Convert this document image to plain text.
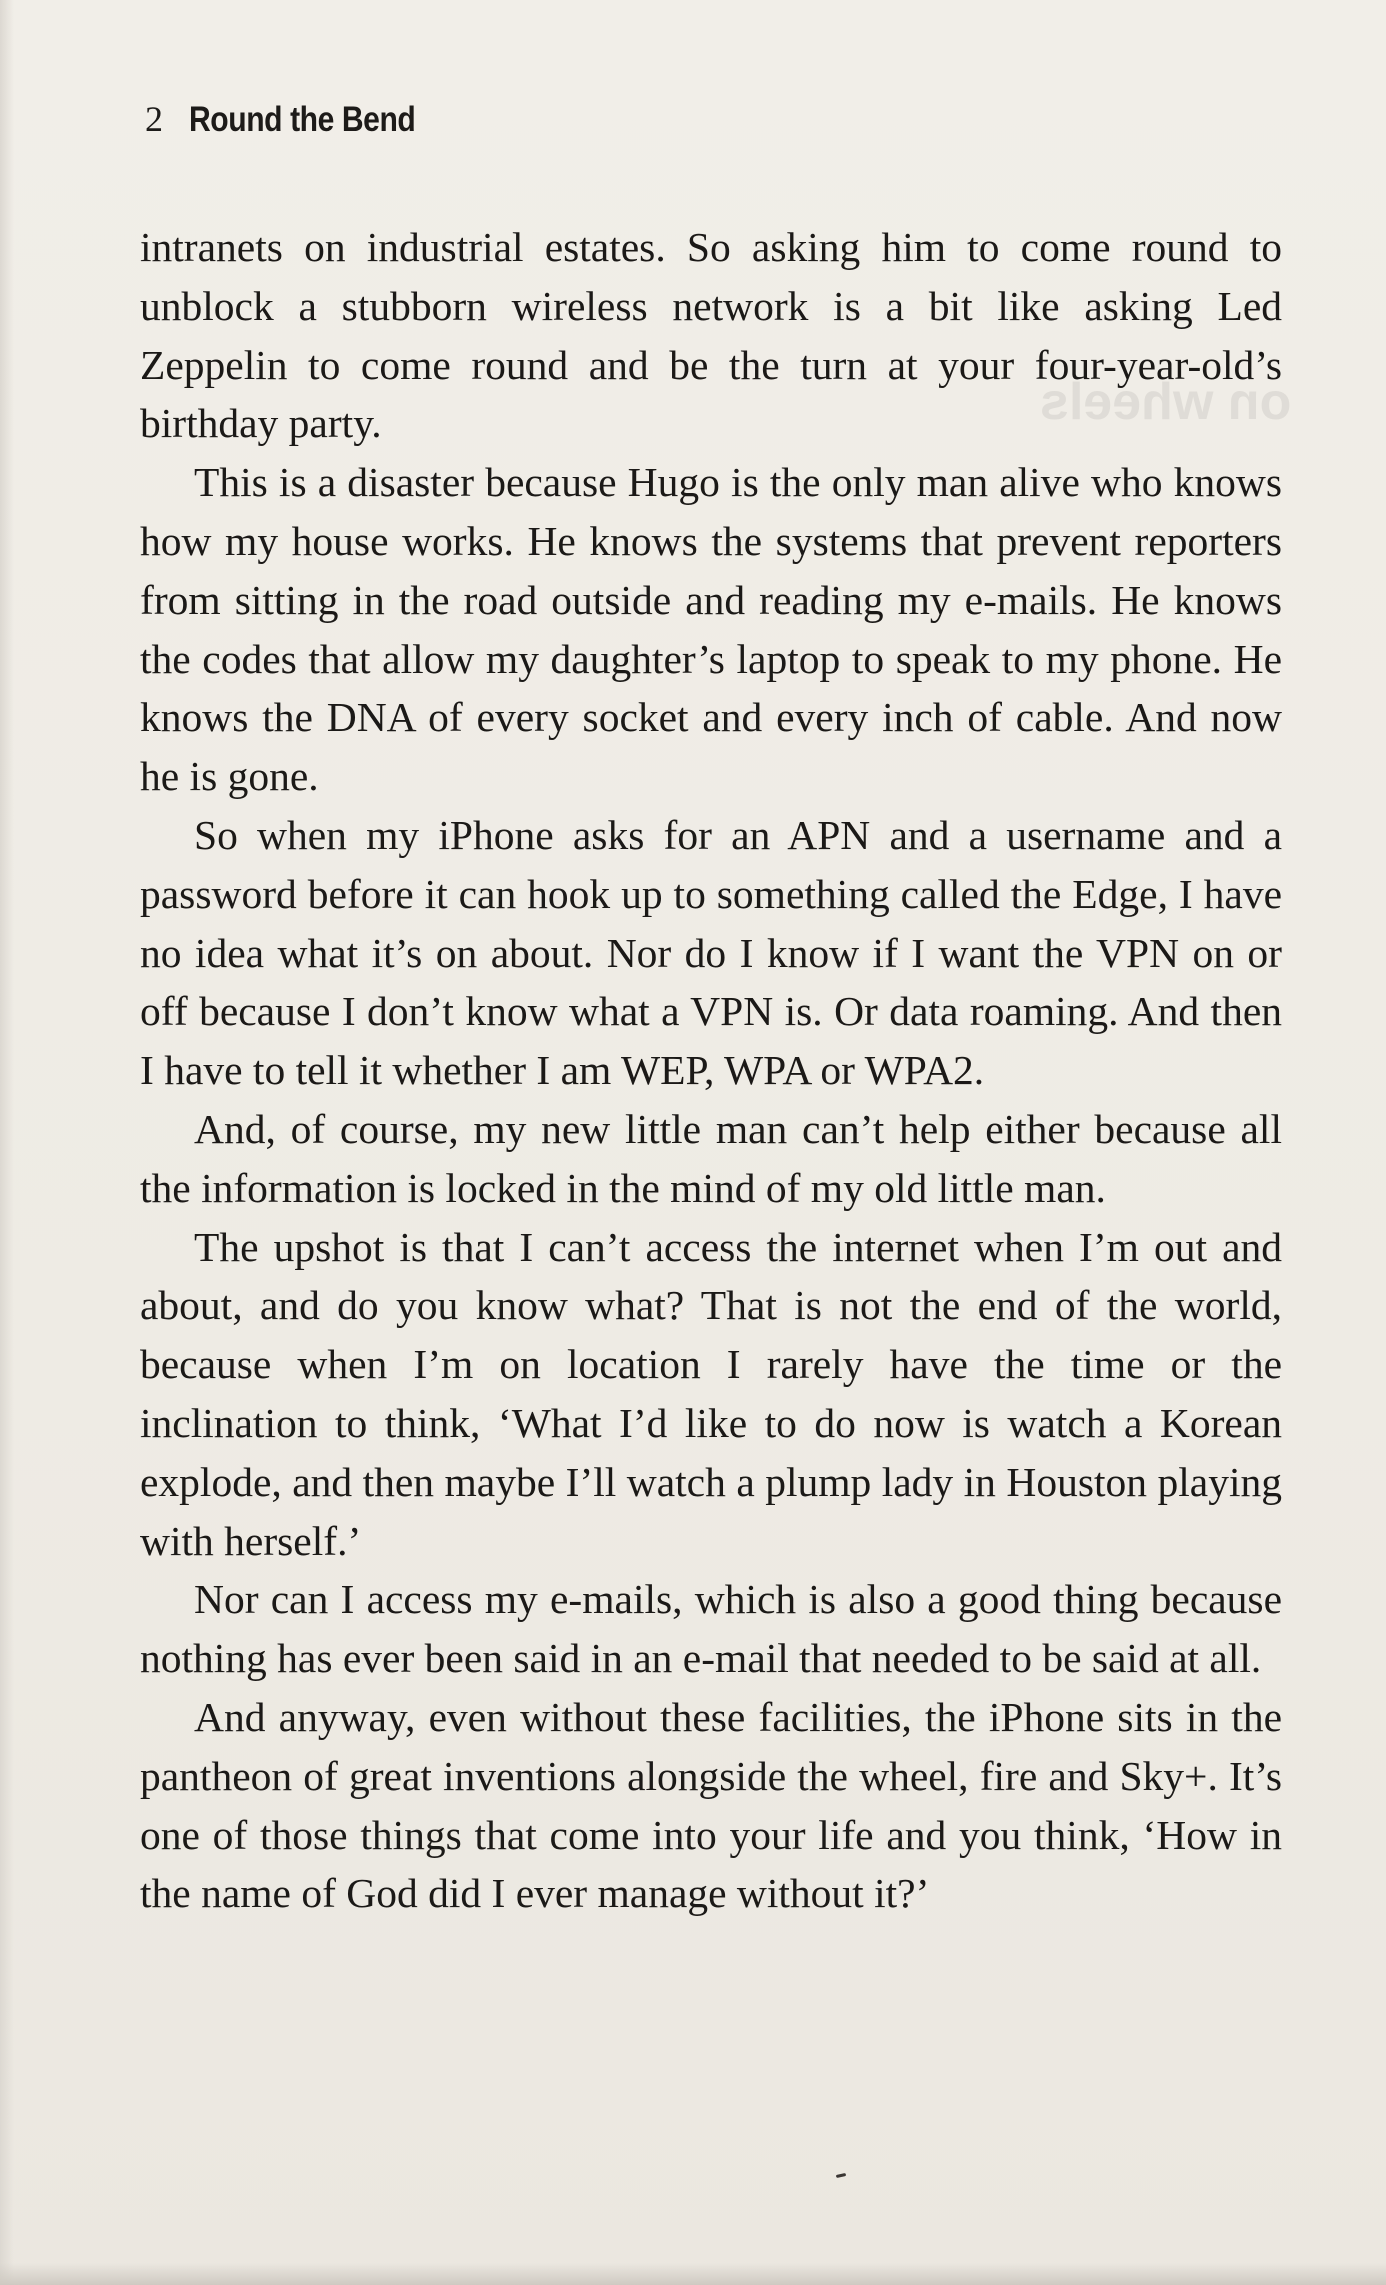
on wheels
2 Round the Bend

intranets on industrial estates. So asking him to come round to unblock a stubborn wireless network is a bit like asking Led Zeppelin to come round and be the turn at your four-year-old’s birthday party.

This is a disaster because Hugo is the only man alive who knows how my house works. He knows the systems that prevent reporters from sitting in the road outside and reading my e-mails. He knows the codes that allow my daughter’s laptop to speak to my phone. He knows the DNA of every socket and every inch of cable. And now he is gone.

So when my iPhone asks for an APN and a username and a password before it can hook up to something called the Edge, I have no idea what it’s on about. Nor do I know if I want the VPN on or off because I don’t know what a VPN is. Or data roaming. And then I have to tell it whether I am WEP, WPA or WPA2.

And, of course, my new little man can’t help either because all the information is locked in the mind of my old little man.

The upshot is that I can’t access the internet when I’m out and about, and do you know what? That is not the end of the world, because when I’m on location I rarely have the time or the inclination to think, ‘What I’d like to do now is watch a Korean explode, and then maybe I’ll watch a plump lady in Houston playing with herself.’

Nor can I access my e-mails, which is also a good thing because nothing has ever been said in an e-mail that needed to be said at all.

And anyway, even without these facilities, the iPhone sits in the pantheon of great inventions alongside the wheel, fire and Sky+. It’s one of those things that come into your life and you think, ‘How in the name of God did I ever manage without it?’
